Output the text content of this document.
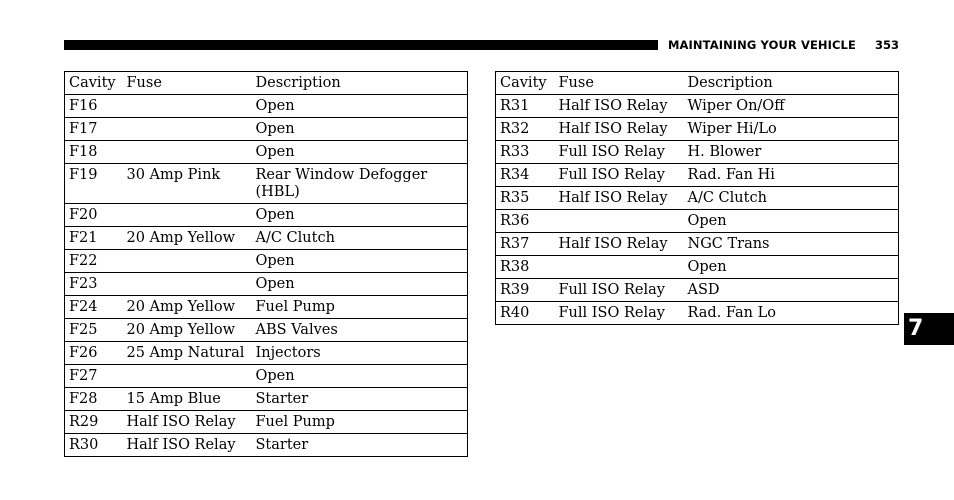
MAINTAINING YOUR VEHICLE 353
Cavity	Fuse	Description
F16		Open
F17		Open
F18		Open
F19	30 Amp Pink	Rear Window Defogger (HBL)
F20		Open
F21	20 Amp Yellow	A/C Clutch
F22		Open
F23		Open
F24	20 Amp Yellow	Fuel Pump
F25	20 Amp Yellow	ABS Valves
F26	25 Amp Natural	Injectors
F27		Open
F28	15 Amp Blue	Starter
R29	Half ISO Relay	Fuel Pump
R30	Half ISO Relay	Starter
Cavity	Fuse	Description
R31	Half ISO Relay	Wiper On/Off
R32	Half ISO Relay	Wiper Hi/Lo
R33	Full ISO Relay	H. Blower
R34	Full ISO Relay	Rad. Fan Hi
R35	Half ISO Relay	A/C Clutch
R36		Open
R37	Half ISO Relay	NGC Trans
R38		Open
R39	Full ISO Relay	ASD
R40	Full ISO Relay	Rad. Fan Lo
7
